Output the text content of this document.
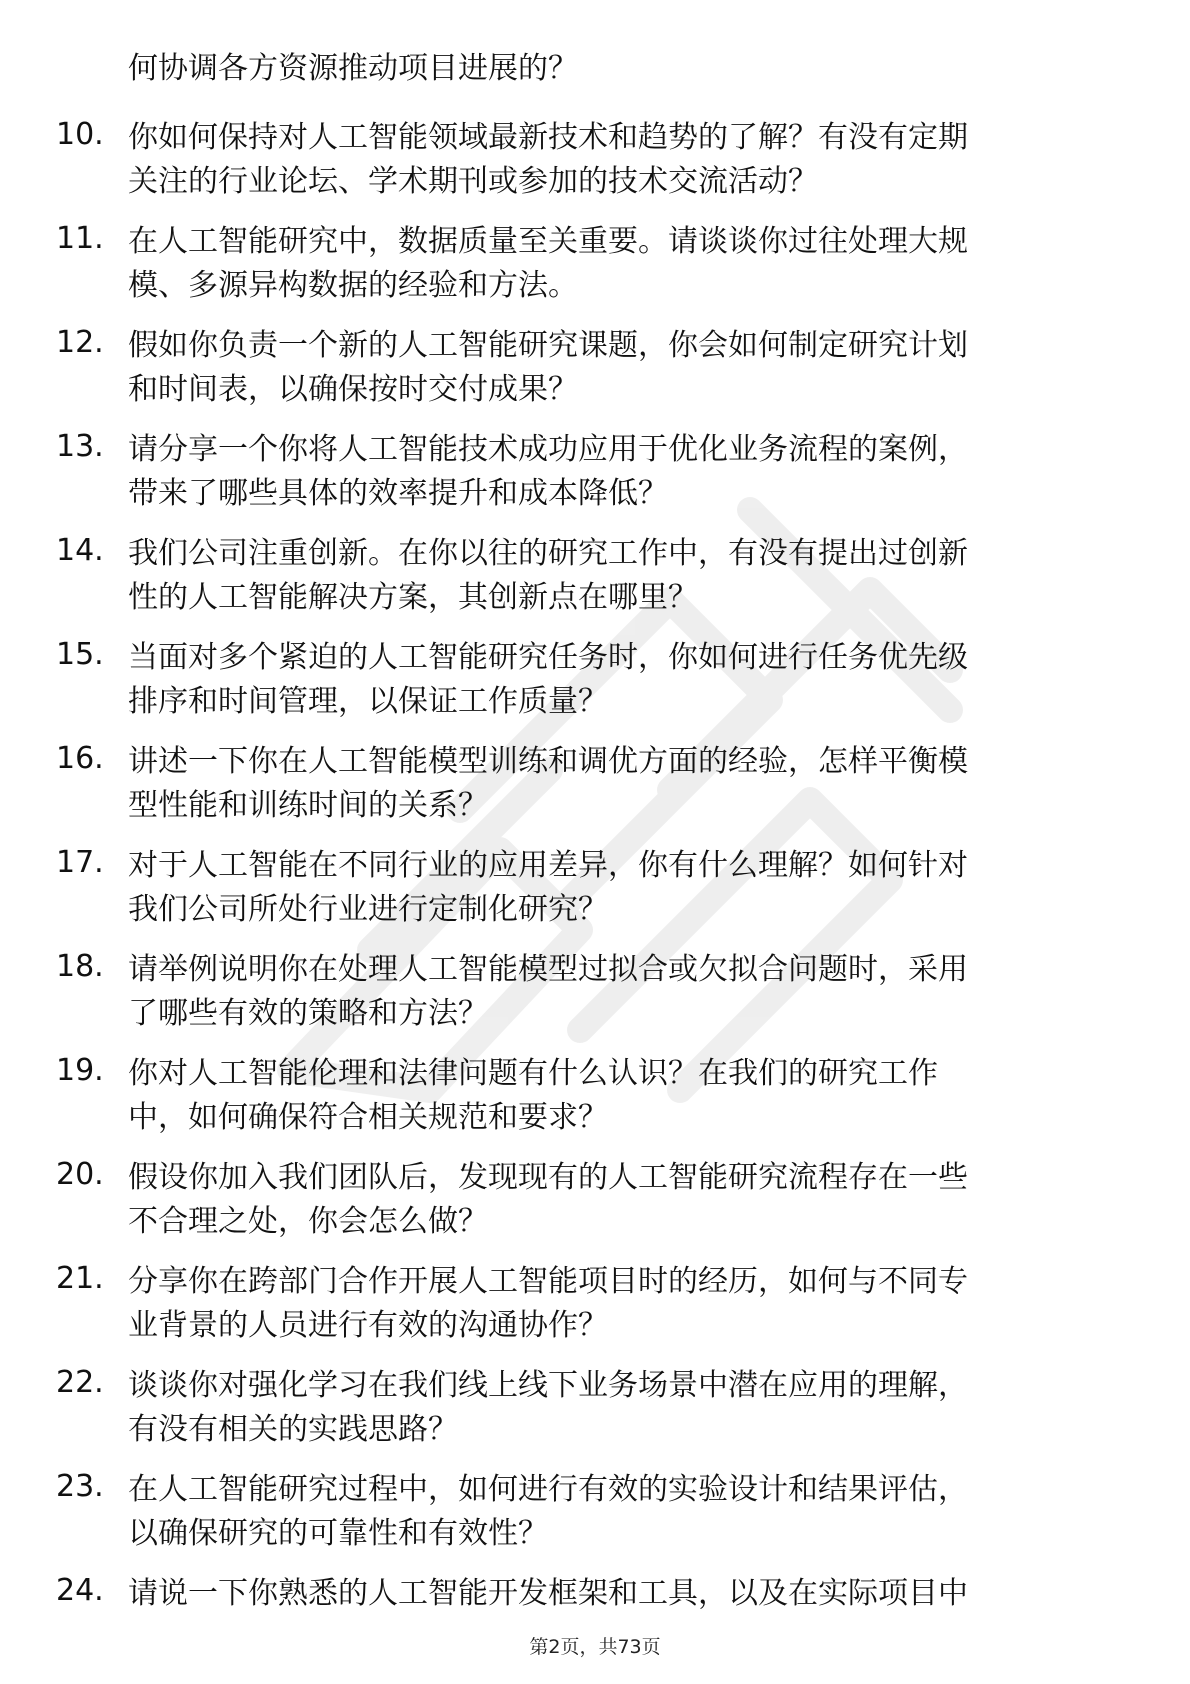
何协调各方资源推动项目进展的？
10. 你如何保持对人工智能领域最新技术和趋势的了解？有没有定期
关注的行业论坛、学术期刊或参加的技术交流活动？
11. 在人工智能研究中，数据质量至关重要。请谈谈你过往处理大规
模、多源异构数据的经验和方法。
12. 假如你负责一个新的人工智能研究课题，你会如何制定研究计划
和时间表，以确保按时交付成果？
13. 请分享一个你将人工智能技术成功应用于优化业务流程的案例，
带来了哪些具体的效率提升和成本降低？
14. 我们公司注重创新。在你以往的研究工作中，有没有提出过创新
性的人工智能解决方案，其创新点在哪里？
15. 当面对多个紧迫的人工智能研究任务时，你如何进行任务优先级
排序和时间管理，以保证工作质量？
16. 讲述一下你在人工智能模型训练和调优方面的经验，怎样平衡模
型性能和训练时间的关系？
17. 对于人工智能在不同行业的应用差异，你有什么理解？如何针对
我们公司所处行业进行定制化研究？
18. 请举例说明你在处理人工智能模型过拟合或欠拟合问题时，采用
了哪些有效的策略和方法？
19. 你对人工智能伦理和法律问题有什么认识？在我们的研究工作
中，如何确保符合相关规范和要求？
20. 假设你加入我们团队后，发现现有的人工智能研究流程存在一些
不合理之处，你会怎么做？
21. 分享你在跨部门合作开展人工智能项目时的经历，如何与不同专
业背景的人员进行有效的沟通协作？
22. 谈谈你对强化学习在我们线上线下业务场景中潜在应用的理解，
有没有相关的实践思路？
23. 在人工智能研究过程中，如何进行有效的实验设计和结果评估，
以确保研究的可靠性和有效性？
24. 请说一下你熟悉的人工智能开发框架和工具，以及在实际项目中
第2页，共73页
